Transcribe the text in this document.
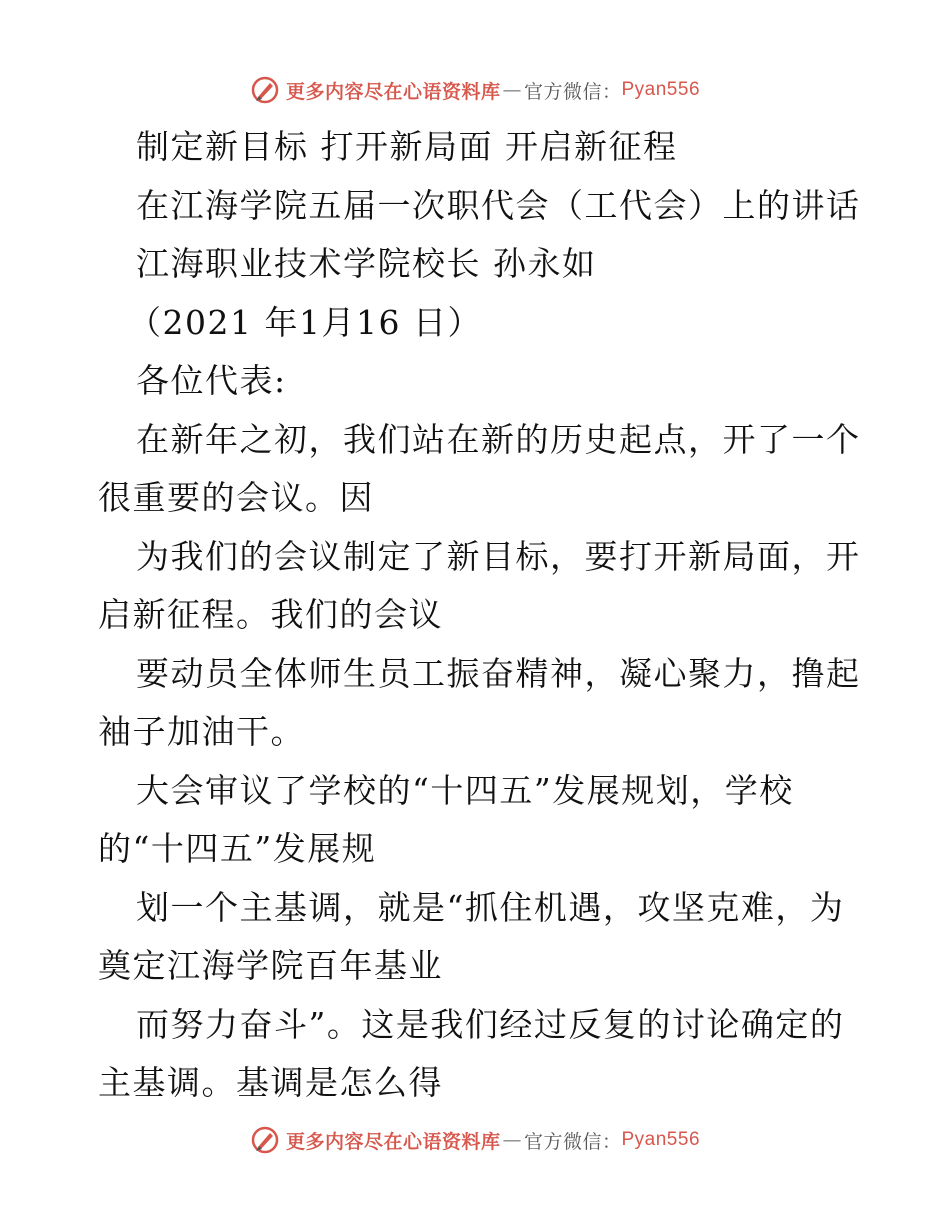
更多内容尽在心语资料库 — 官方微信： Pyan556
制定新目标 打开新局面 开启新征程
在江海学院五届一次职代会（工代会）上的讲话
江海职业技术学院校长 孙永如
（2021 年1月16 日）
各位代表:
在新年之初，我们站在新的历史起点，开了一个
很重要的会议。因
为我们的会议制定了新目标，要打开新局面，开
启新征程。我们的会议
要动员全体师生员工振奋精神，凝心聚力，撸起
袖子加油干。
大会审议了学校的“十四五”发展规划，学校
的“十四五”发展规
划一个主基调，就是“抓住机遇，攻坚克难，为
奠定江海学院百年基业
而努力奋斗”。这是我们经过反复的讨论确定的
主基调。基调是怎么得
更多内容尽在心语资料库 — 官方微信： Pyan556
